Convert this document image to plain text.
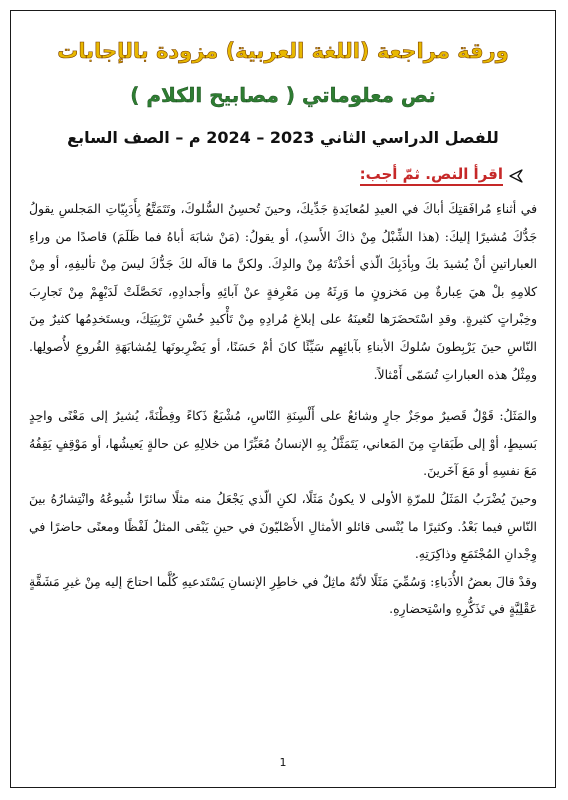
ورقة مراجعة (اللغة العربية) مزودة بالإجابات
نص معلوماتي ( مصابيح الكلام )
للفصل الدراسي الثاني 2023 – 2024 م – الصف السابع
اقرأ النص. ثمّ أجب:

في أثناءِ مُرافَقتِكَ أباكَ في العيدِ لمُعايَدةِ جَدِّيكَ، وحينَ تُحسِنُ السُّلوكَ، وتَتَمَتَّعُ بِأَدَبِيّاتِ المَجلسِ يقولُ جَدُّكَ مُشيرًا إليكَ: (هذا الشِّبْلُ مِنْ ذاكَ الأَسدِ)، أو يقولُ: (مَنْ شابَهَ أباهُ فما ظَلَمَ) قاصدًا من وراءِ العباراتينِ أنْ يُشيدَ بكَ وبِأدَبِكَ الّذي أخَذْتَهُ مِنْ والدِكَ. ولكنَّ ما قالَه لكَ جَدُّكَ ليسَ مِنْ تأليفِهِ، أو مِنْ كلامِهِ بلْ هيَ عِبارةٌ مِن مَخزونٍ ما وَرِثَهُ مِن مَعْرِفةٍ عنْ آبائِهِ وأجدادِهِ، تَحَصَّلَتْ لَدَيْهِمْ مِنْ تَجارِبَ وخِبْراتٍ كثيرةٍ. وقدِ اسْتَحضَرَها لتُعينَهُ على إبلاغِ مُرادِهِ مِنْ تَأْكيدِ حُسْنِ تَرْبِيَتِكَ، ويستَخدِمُها كثيرٌ مِنَ النّاسِ حينَ يَرْبِطونَ سُلوكَ الأبناءِ بآبائِهِم سَيِّئًا كانَ أمْ حَسَنًا، أو يَضْرِبونَها لِمُشابَهَةِ الفُروعِ لأُصولِها. ومِثْلُ هذه العباراتِ تُسَمّى أَمْثالاً.

والمَثَلُ: قَوْلٌ قَصيرٌ موجَزٌ جارٍ وشائعٌ على أَلْسِنَةِ النّاسِ، مُشْبَعٌ ذَكاءً وفِطْنَةً، يُشيرُ إلى مَعْنًى واحِدٍ بَسيطٍ، أوْ إلى طَبَقاتٍ مِنَ المَعاني، يَتَمَثَّلُ بِهِ الإنسانُ مُعَبِّرًا من خلالِهِ عن حالةٍ يَعيشُها، أو مَوْقِفٍ يَقِفُهُ مَعَ نفسِهِ أو مَعَ آخَرينَ.

وحينَ يُضْرَبُ المَثَلُ للمرّةِ الأولى لا يكونُ مَثَلًا، لكنِ الّذي يَجْعَلُ منه مثلًا سائرًا شُيوعُهُ وانْتِشارُهُ بينَ النّاسِ فيما بَعْدُ. وكثيرًا ما يُنْسى قائلو الأمثالِ الأَصْليّونَ في حينِ يَبْقى المثلُ لَفْظًا ومعنًى حاضرًا في وِجْدانِ المُجْتَمَعِ وذاكِرَتِهِ.

وقدْ قالَ بعضُ الأُدَباءِ: وَسُمِّيَ مَثَلًا لأنّهُ ماثِلٌ في خاطِرِ الإنسانِ يَسْتَدعيهِ كُلَّما احتاجَ إليه مِنْ غيرِ مَشَقَّةٍ عَقْلِيَّةٍ في تَذَكُّرِهِ واسْتِحضارِهِ.

1
